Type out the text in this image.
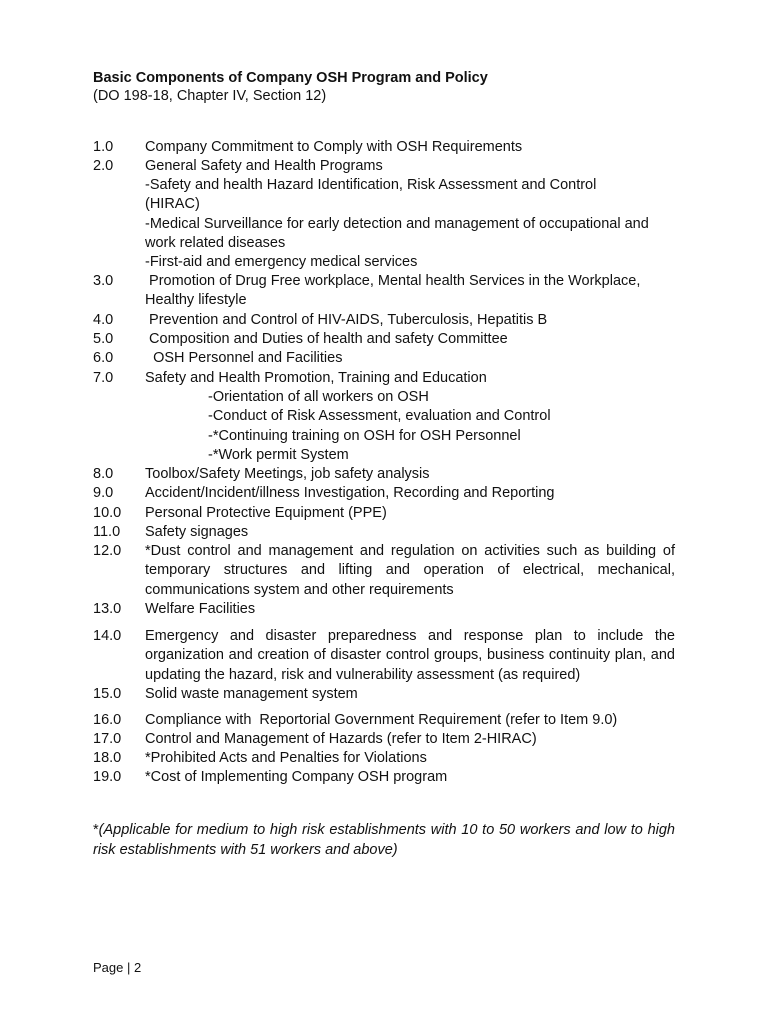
Basic Components of Company OSH Program and Policy
(DO 198-18, Chapter IV, Section 12)
1.0	Company Commitment to Comply with OSH Requirements
2.0	General Safety and Health Programs
-Safety and health Hazard Identification, Risk Assessment and Control (HIRAC)
-Medical Surveillance for early detection and management of occupational and work related diseases
-First-aid and emergency medical services
3.0	Promotion of Drug Free workplace, Mental health Services in the Workplace, Healthy lifestyle
4.0	Prevention and Control of HIV-AIDS, Tuberculosis, Hepatitis B
5.0	Composition and Duties of health and safety Committee
6.0	OSH Personnel and Facilities
7.0	Safety and Health Promotion, Training and Education
-Orientation of all workers on OSH
-Conduct of Risk Assessment, evaluation and Control
-*Continuing training on OSH for OSH Personnel
-*Work permit System
8.0	Toolbox/Safety Meetings, job safety analysis
9.0	Accident/Incident/illness Investigation, Recording and Reporting
10.0	Personal Protective Equipment (PPE)
11.0	Safety signages
12.0	*Dust control and management and regulation on activities such as building of temporary structures and lifting and operation of electrical, mechanical, communications system and other requirements
13.0	Welfare Facilities
14.0	Emergency and disaster preparedness and response plan to include the organization and creation of disaster control groups, business continuity plan, and updating the hazard, risk and vulnerability assessment (as required)
15.0	Solid waste management system
16.0	Compliance with  Reportorial Government Requirement (refer to Item 9.0)
17.0	Control and Management of Hazards (refer to Item 2-HIRAC)
18.0	*Prohibited Acts and Penalties for Violations
19.0	*Cost of Implementing Company OSH program
*(Applicable for medium to high risk establishments with 10 to 50 workers and low to high risk establishments with 51 workers and above)
Page | 2
